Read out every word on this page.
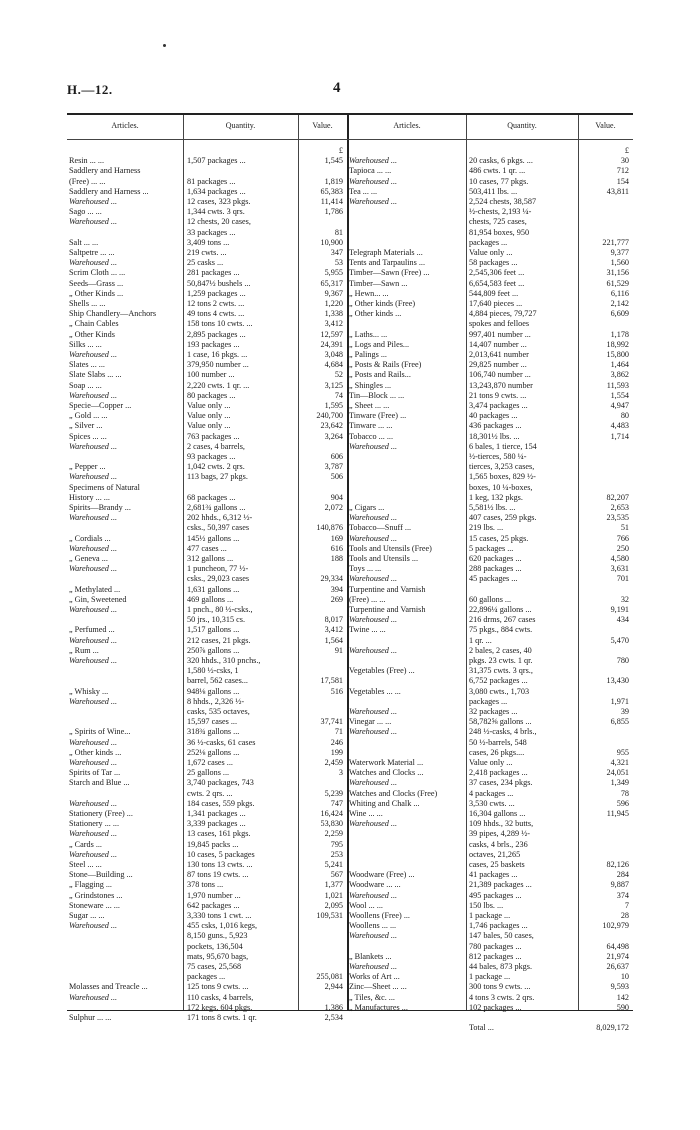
H.—12.	4
Articles.	Quantity.	Value.	Articles.	Quantity.	Value.
£
Resin ... ...	1,507 packages ...	1,545
Saddlery and Harness
(Free) ... ...	81 packages ...	1,819
Saddlery and Harness ...	1,634 packages ...	65,383
Warehoused ...	12 cases, 323 pkgs.	11,414
Sago ... ...	1,344 cwts. 3 qrs.	1,786
Warehoused ...	12 chests, 20 cases,
33 packages ...	81
Salt ... ...	3,409 tons ...	10,900
Saltpetre ... ...	219 cwts. ...	347
Warehoused ...	25 casks ...	53
Scrim Cloth ... ...	281 packages ...	5,955
Seeds—Grass ...	50,847½ bushels ...	65,317
„ Other Kinds ...	1,259 packages ...	9,367
Shells ... ...	12 tons 2 cwts. ...	1,220
Ship Chandlery—Anchors	49 tons 4 cwts. ...	1,338
„ Chain Cables	158 tons 10 cwts. ...	3,412
„ Other Kinds	2,895 packages ...	12,597
Silks ... ...	193 packages ...	24,391
Warehoused ...	1 case, 16 pkgs. ...	3,048
Slates ... ...	379,950 number ...	4,684
Slate Slabs ... ...	100 number ...	52
Soap ... ...	2,220 cwts. 1 qr. ...	3,125
Warehoused ...	80 packages ...	74
Specie—Copper ...	Value only ...	1,595
„ Gold ... ...	Value only ...	240,700
„ Silver ...	Value only ...	23,642
Spices ... ...	763 packages ...	3,264
Warehoused ...	2 cases, 4 barrels,
93 packages ...	606
„ Pepper ...	1,042 cwts. 2 qrs.	3,787
Warehoused ...	113 bags, 27 pkgs.	506
Specimens of Natural
History ... ...	68 packages ...	904
Spirits—Brandy ...	2,681¾ gallons ...	2,072
Warehoused ...	202 hhds., 6,312 ½-
csks., 50,397 cases	140,876
„ Cordials ...	145½ gallons ...	169
Warehoused ...	477 cases ...	616
„ Geneva ...	312 gallons ...	188
Warehoused ...	1 puncheon, 77 ½-
csks., 29,023 cases	29,334
„ Methylated ...	1,631 gallons ...	394
„ Gin, Sweetened	469 gallons ...	269
Warehoused ...	1 pnch., 80 ½-csks.,
50 jrs., 10,315 cs.	8,017
„ Perfumed ...	1,517 gallons ...	3,412
Warehoused ...	212 cases, 21 pkgs.	1,564
„ Rum ...	250⅞ gallons ...	91
Warehoused ...	320 hhds., 310 pnchs.,
1,580 ½-csks, 1
barrel, 562 cases...	17,581
„ Whisky ...	948⅛ gallons ...	516
Warehoused ...	8 hhds., 2,326 ½-
casks, 535 octaves,
15,597 cases ...	37,741
„ Spirits of Wine...	318¾ gallons ...	71
Warehoused ...	36 ½-casks, 61 cases	246
„ Other kinds ...	252⅛ gallons ...	199
Warehoused ...	1,672 cases ...	2,459
Spirits of Tar ...	25 gallons ...	3
Starch and Blue ...	3,740 packages, 743
cwts. 2 qrs. ...	5,239
Warehoused ...	184 cases, 559 pkgs.	747
Stationery (Free) ...	1,341 packages ...	16,424
Stationery ... ...	3,339 packages ...	53,830
Warehoused ...	13 cases, 161 pkgs.	2,259
„ Cards ...	19,845 packs ...	795
Warehoused ...	10 cases, 5 packages	253
Steel ... ...	130 tons 13 cwts. ...	5,241
Stone—Building ...	87 tons 19 cwts. ...	567
„ Flagging ...	378 tons ...	1,377
„ Grindstones ...	1,970 number ...	1,021
Stoneware ... ...	642 packages ...	2,095
Sugar ... ...	3,330 tons 1 cwt. ...	109,531
Warehoused ...	455 csks, 1,016 kegs,
8,150 guns., 5,923
pockets, 136,504
mats, 95,670 bags,
75 cases, 25,568
packages ...	255,081
Molasses and Treacle ...	125 tons 9 cwts. ...	2,944
Warehoused ...	110 casks, 4 barrels,
172 kegs, 604 pkgs.	1,386
Sulphur ... ...	171 tons 8 cwts. 1 qr.	2,534
£
Warehoused ...	20 casks, 6 pkgs. ...	30
Tapioca ... ...	486 cwts. 1 qr. ...	712
Warehoused ...	10 cases, 77 pkgs.	154
Tea ... ...	503,411 lbs. ...	43,811
Warehoused ...	2,524 chests, 38,587
½-chests, 2,193 ¼-
chests, 725 cases,
81,954 boxes, 950
packages ...	221,777
Telegraph Materials ...	Value only ...	9,377
Tents and Tarpaulins ...	58 packages ...	1,560
Timber—Sawn (Free) ...	2,545,306 feet ...	31,156
Timber—Sawn ...	6,654,583 feet ...	61,529
„ Hewn... ...	544,809 feet ...	6,116
„ Other kinds (Free)	17,640 pieces ...	2,142
„ Other kinds ...	4,884 pieces, 79,727	6,609
spokes and felloes
„ Laths... ...	997,401 number ...	1,178
„ Logs and Piles...	14,407 number ...	18,992
„ Palings ...	2,013,641 number	15,800
„ Posts & Rails (Free)	29,825 number ...	1,464
„ Posts and Rails...	106,740 number ...	3,862
„ Shingles ...	13,243,870 number	11,593
Tin—Block ... ...	21 tons 9 cwts. ...	1,554
„ Sheet ... ...	3,474 packages ...	4,947
Tinware (Free) ...	40 packages ...	80
Tinware ... ...	436 packages ...	4,483
Tobacco ... ...	18,301½ lbs. ...	1,714
Warehoused ...	6 bales, 1 tierce, 154
½-tierces, 580 ¼-
tierces, 3,253 cases,
1,565 boxes, 829 ½-
boxes, 10 ¼-boxes,
1 keg, 132 pkgs.	82,207
„ Cigars ...	5,581½ lbs. ...	2,653
Warehoused ...	407 cases, 259 pkgs.	23,535
Tobacco—Snuff ...	219 lbs. ...	51
Warehoused ...	15 cases, 25 pkgs.	766
Tools and Utensils (Free)	5 packages ...	250
Tools and Utensils ...	620 packages ...	4,580
Toys ... ...	288 packages ...	3,631
Warehoused ...	45 packages ...	701
Turpentine and Varnish
(Free) ... ...	60 gallons ...	32
Turpentine and Varnish	22,896¼ gallons ...	9,191
Warehoused ...	216 drms, 267 cases	434
Twine ... ...	75 pkgs., 884 cwts.
1 qr. ...	5,470
Warehoused ...	2 bales, 2 cases, 40
pkgs. 23 cwts. 1 qr.	780
Vegetables (Free) ...	31,375 cwts. 3 qrs.,
6,752 packages ...	13,430
Vegetables ... ...	3,080 cwts., 1,703
packages ...	1,971
Warehoused ...	32 packages ...	39
Vinegar ... ...	58,782⅝ gallons ...	6,855
Warehoused ...	248 ½-casks, 4 brls.,
50 ½-barrels, 548
cases, 26 pkgs....	955
Waterwork Material ...	Value only ...	4,321
Watches and Clocks ...	2,418 packages ...	24,051
Warehoused ...	37 cases, 234 pkgs.	1,349
Watches and Clocks (Free)	4 packages ...	78
Whiting and Chalk ...	3,530 cwts. ...	596
Wine ... ...	16,304 gallons ...	11,945
Warehoused ...	109 hhds., 32 butts,
39 pipes, 4,289 ½-
casks, 4 brls., 236
octaves, 21,265
cases, 25 baskets	82,126
Woodware (Free) ...	41 packages ...	284
Woodware ... ...	21,389 packages ...	9,887
Warehoused ...	495 packages ...	374
Wool ... ...	150 lbs. ...	7
Woollens (Free) ...	1 package ...	28
Woollens ... ...	1,746 packages ...	102,979
Warehoused ...	147 bales, 50 cases,
780 packages ...	64,498
„ Blankets ...	812 packages ...	21,974
Warehoused ...	44 bales, 873 pkgs.	26,637
Works of Art ...	1 package ...	10
Zinc—Sheet ... ...	300 tons 9 cwts. ...	9,593
„ Tiles, &c. ...	4 tons 3 cwts. 2 qrs.	142
„ Manufactures ...	102 packages ...	590
Total ...	8,029,172
